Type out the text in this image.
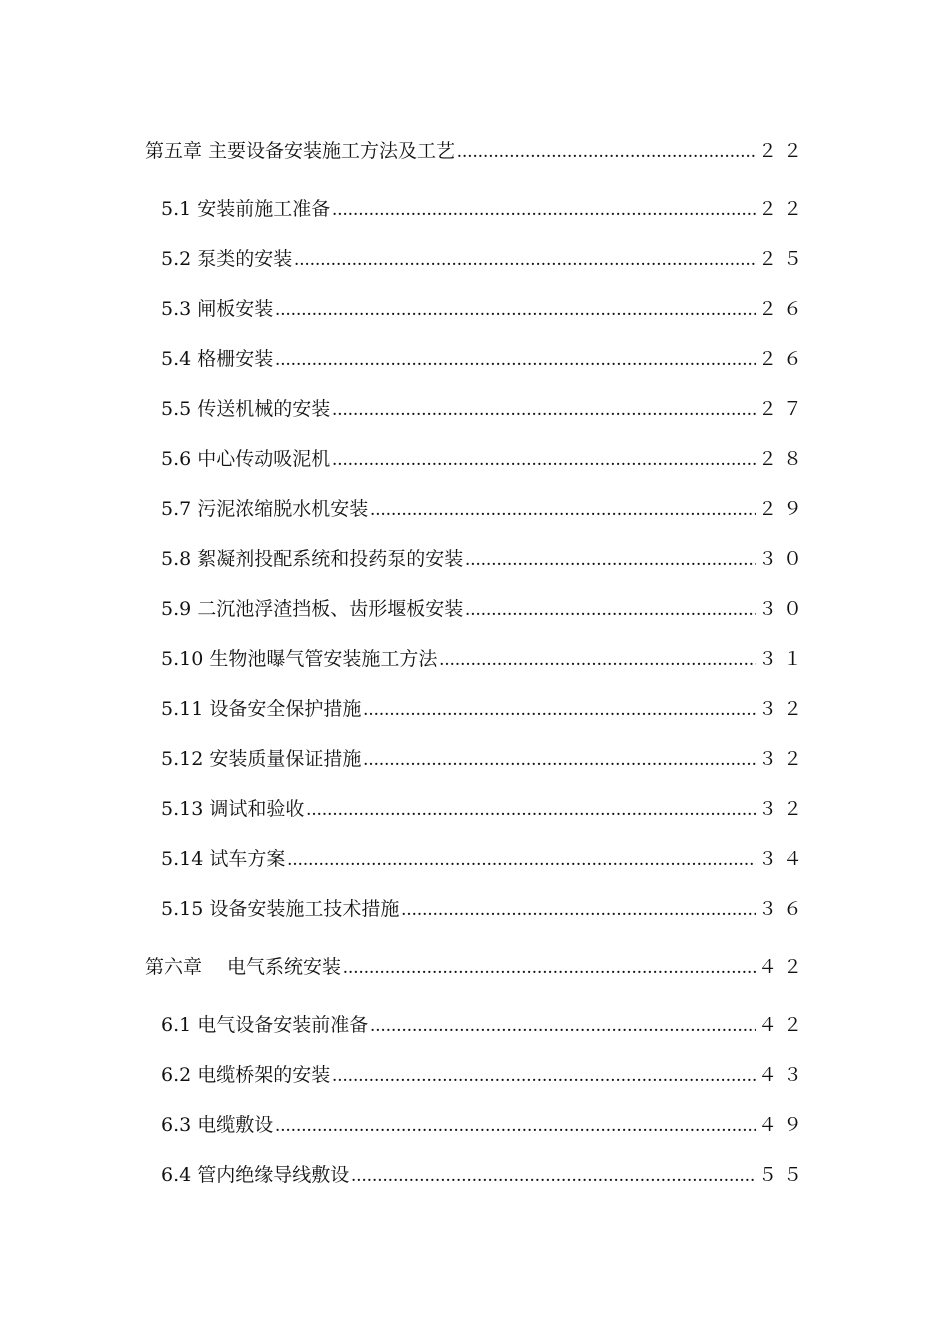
第五章 主要设备安装施工方法及工艺 .....	２２
5.1 安装前施工准备 .....	２２
5.2 泵类的安装 .....	２５
5.3 闸板安装 .....	２６
5.4 格栅安装 .....	２６
5.5 传送机械的安装 .....	２７
5.6 中心传动吸泥机 .....	２８
5.7 污泥浓缩脱水机安装 .....	２９
5.8 絮凝剂投配系统和投药泵的安装 .....	３０
5.9 二沉池浮渣挡板、齿形堰板安装 .....	３０
5.10 生物池曝气管安装施工方法 .....	３１
5.11 设备安全保护措施 .....	３２
5.12 安装质量保证措施 .....	３２
5.13 调试和验收 .....	３２
5.14 试车方案 .....	３４
5.15 设备安装施工技术措施 .....	３６
第六章　 电气系统安装 .....	４２
6.1 电气设备安装前准备 .....	４２
6.2 电缆桥架的安装 .....	４３
6.3 电缆敷设 .....	４９
6.4 管内绝缘导线敷设 .....	５５
